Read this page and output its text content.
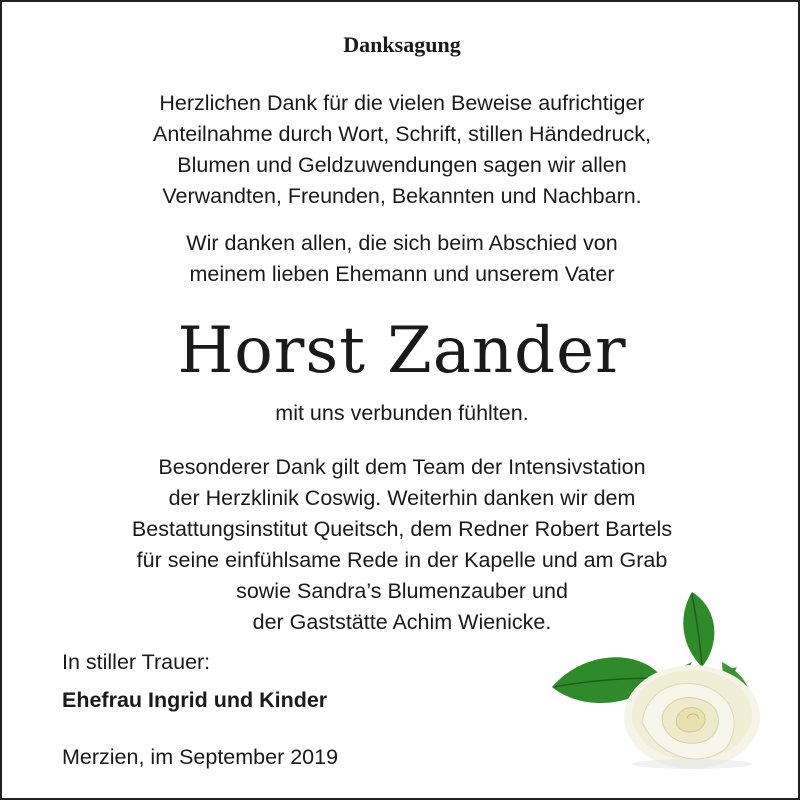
Danksagung

Herzlichen Dank für die vielen Beweise aufrichtiger

Anteilnahme durch Wort, Schrift, stillen Händedruck,

Blumen und Geldzuwendungen sagen wir allen

Verwandten, Freunden, Bekannten und Nachbarn.

Wir danken allen, die sich beim Abschied von

meinem lieben Ehemann und unserem Vater

Horst Zander

mit uns verbunden fühlten.

Besonderer Dank gilt dem Team der Intensivstation

der Herzklinik Coswig. Weiterhin danken wir dem

Bestattungsinstitut Queitsch, dem Redner Robert Bartels

für seine einfühlsame Rede in der Kapelle und am Grab

sowie Sandra’s Blumenzauber und

der Gaststätte Achim Wienicke.

In stiller Trauer:
Ehefrau Ingrid und Kinder
Merzien, im September 2019
